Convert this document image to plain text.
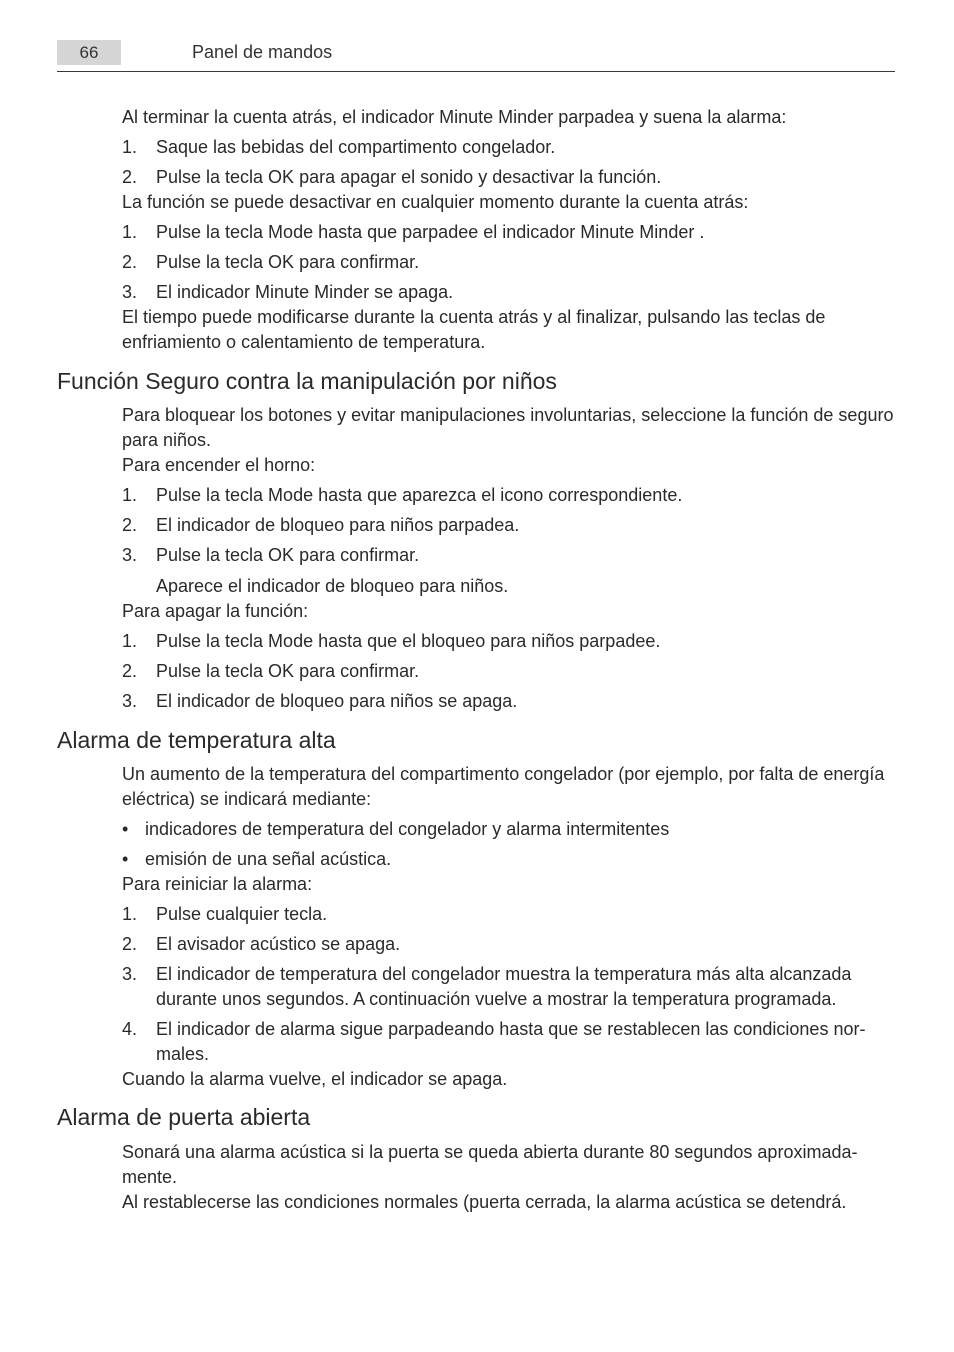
66	Panel de mandos
Al terminar la cuenta atrás, el indicador Minute Minder parpadea y suena la alarma:
1.	Saque las bebidas del compartimento congelador.
2.	Pulse la tecla OK para apagar el sonido y desactivar la función.
La función se puede desactivar en cualquier momento durante la cuenta atrás:
1.	Pulse la tecla Mode hasta que parpadee el indicador Minute Minder .
2.	Pulse la tecla OK para confirmar.
3.	El indicador Minute Minder se apaga.
El tiempo puede modificarse durante la cuenta atrás y al finalizar, pulsando las teclas de enfriamiento o calentamiento de temperatura.
Función Seguro contra la manipulación por niños
Para bloquear los botones y evitar manipulaciones involuntarias, seleccione la función de seguro para niños.
Para encender el horno:
1.	Pulse la tecla Mode hasta que aparezca el icono correspondiente.
2.	El indicador de bloqueo para niños parpadea.
3.	Pulse la tecla OK para confirmar.
Aparece el indicador de bloqueo para niños.
Para apagar la función:
1.	Pulse la tecla Mode hasta que el bloqueo para niños parpadee.
2.	Pulse la tecla OK para confirmar.
3.	El indicador de bloqueo para niños se apaga.
Alarma de temperatura alta
Un aumento de la temperatura del compartimento congelador (por ejemplo, por falta de energía eléctrica) se indicará mediante:
• indicadores de temperatura del congelador y alarma intermitentes
• emisión de una señal acústica.
Para reiniciar la alarma:
1.	Pulse cualquier tecla.
2.	El avisador acústico se apaga.
3.	El indicador de temperatura del congelador muestra la temperatura más alta alcanzada durante unos segundos. A continuación vuelve a mostrar la temperatura programada.
4.	El indicador de alarma sigue parpadeando hasta que se restablecen las condiciones nor-males.
Cuando la alarma vuelve, el indicador se apaga.
Alarma de puerta abierta
Sonará una alarma acústica si la puerta se queda abierta durante 80 segundos aproximada-mente.
Al restablecerse las condiciones normales (puerta cerrada, la alarma acústica se detendrá.
